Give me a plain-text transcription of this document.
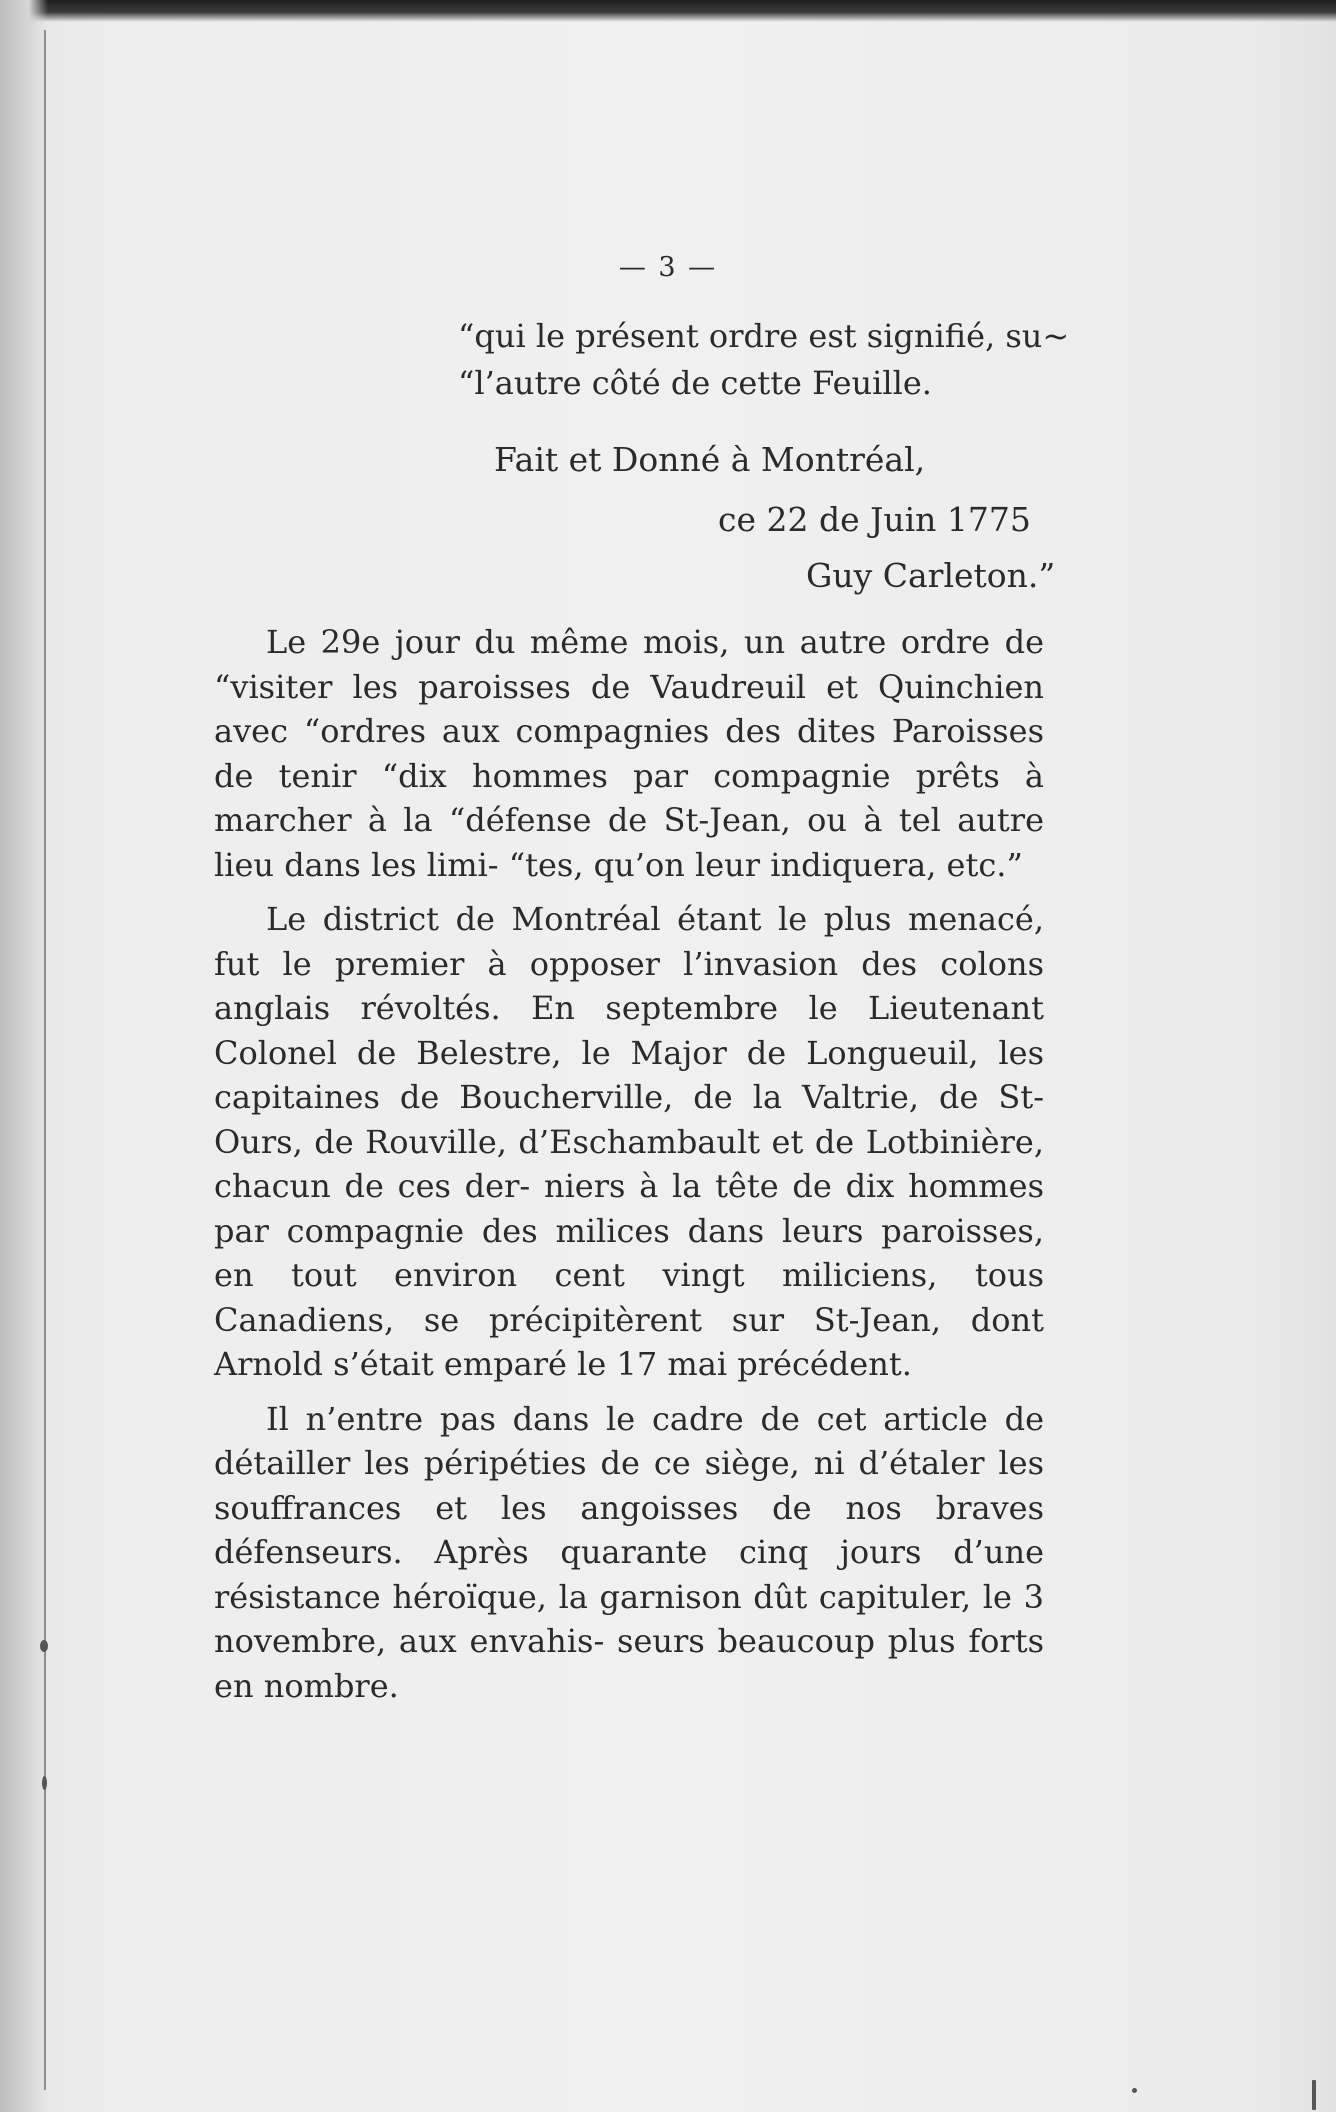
— 3 —
“qui le présent ordre est signifié, su~
“l’autre côté de cette Feuille.
Fait et Donné à Montréal,
ce 22 de Juin 1775
Guy Carleton.”

Le 29e jour du même mois, un autre ordre de “visiter les paroisses de Vaudreuil et Quinchien avec “ordres aux compagnies des dites Paroisses de tenir “dix hommes par compagnie prêts à marcher à la “défense de St-Jean, ou à tel autre lieu dans les limi- “tes, qu’on leur indiquera, etc.”

Le district de Montréal étant le plus menacé, fut le premier à opposer l’invasion des colons anglais révoltés. En septembre le Lieutenant Colonel de Belestre, le Major de Longueuil, les capitaines de Boucherville, de la Valtrie, de St-Ours, de Rouville, d’Eschambault et de Lotbinière, chacun de ces der- niers à la tête de dix hommes par compagnie des milices dans leurs paroisses, en tout environ cent vingt miliciens, tous Canadiens, se précipitèrent sur St-Jean, dont Arnold s’était emparé le 17 mai précédent.

Il n’entre pas dans le cadre de cet article de détailler les péripéties de ce siège, ni d’étaler les souffrances et les angoisses de nos braves défenseurs. Après quarante cinq jours d’une résistance héroïque, la garnison dût capituler, le 3 novembre, aux envahis- seurs beaucoup plus forts en nombre.
